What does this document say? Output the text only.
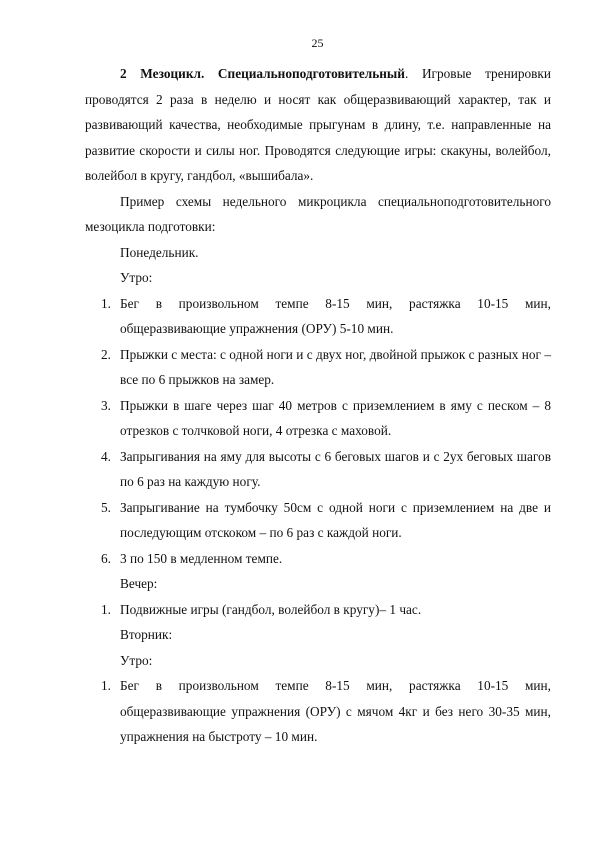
25

2 Мезоцикл. Специальноподготовительный. Игровые тренировки проводятся 2 раза в неделю и носят как общеразвивающий характер, так и развивающий качества, необходимые прыгунам в длину, т.е. направленные на развитие скорости и силы ног. Проводятся следующие игры: скакуны, волейбол, волейбол в кругу, гандбол, «вышибала».

Пример схемы недельного микроцикла специальноподготовительного мезоцикла подготовки:

Понедельник.

Утро:

1. Бег в произвольном темпе 8-15 мин, растяжка 10-15 мин, общеразвивающие упражнения (ОРУ) 5-10 мин.
2. Прыжки с места: с одной ноги и с двух ног, двойной прыжок с разных ног – все по 6 прыжков на замер.
3. Прыжки в шаге через шаг 40 метров с приземлением в яму с песком – 8 отрезков с толчковой ноги, 4 отрезка с маховой.
4. Запрыгивания на яму для высоты с 6 беговых шагов и с 2ух беговых шагов по 6 раз на каждую ногу.
5. Запрыгивание на тумбочку 50см с одной ноги с приземлением на две и последующим отскоком – по 6 раз с каждой ноги.
6. 3 по 150 в медленном темпе.

Вечер:

1. Подвижные игры (гандбол, волейбол в кругу)– 1 час.

Вторник:

Утро:

1. Бег в произвольном темпе 8-15 мин, растяжка 10-15 мин, общеразвивающие упражнения (ОРУ) с мячом 4кг и без него 30-35 мин, упражнения на быстроту – 10 мин.
